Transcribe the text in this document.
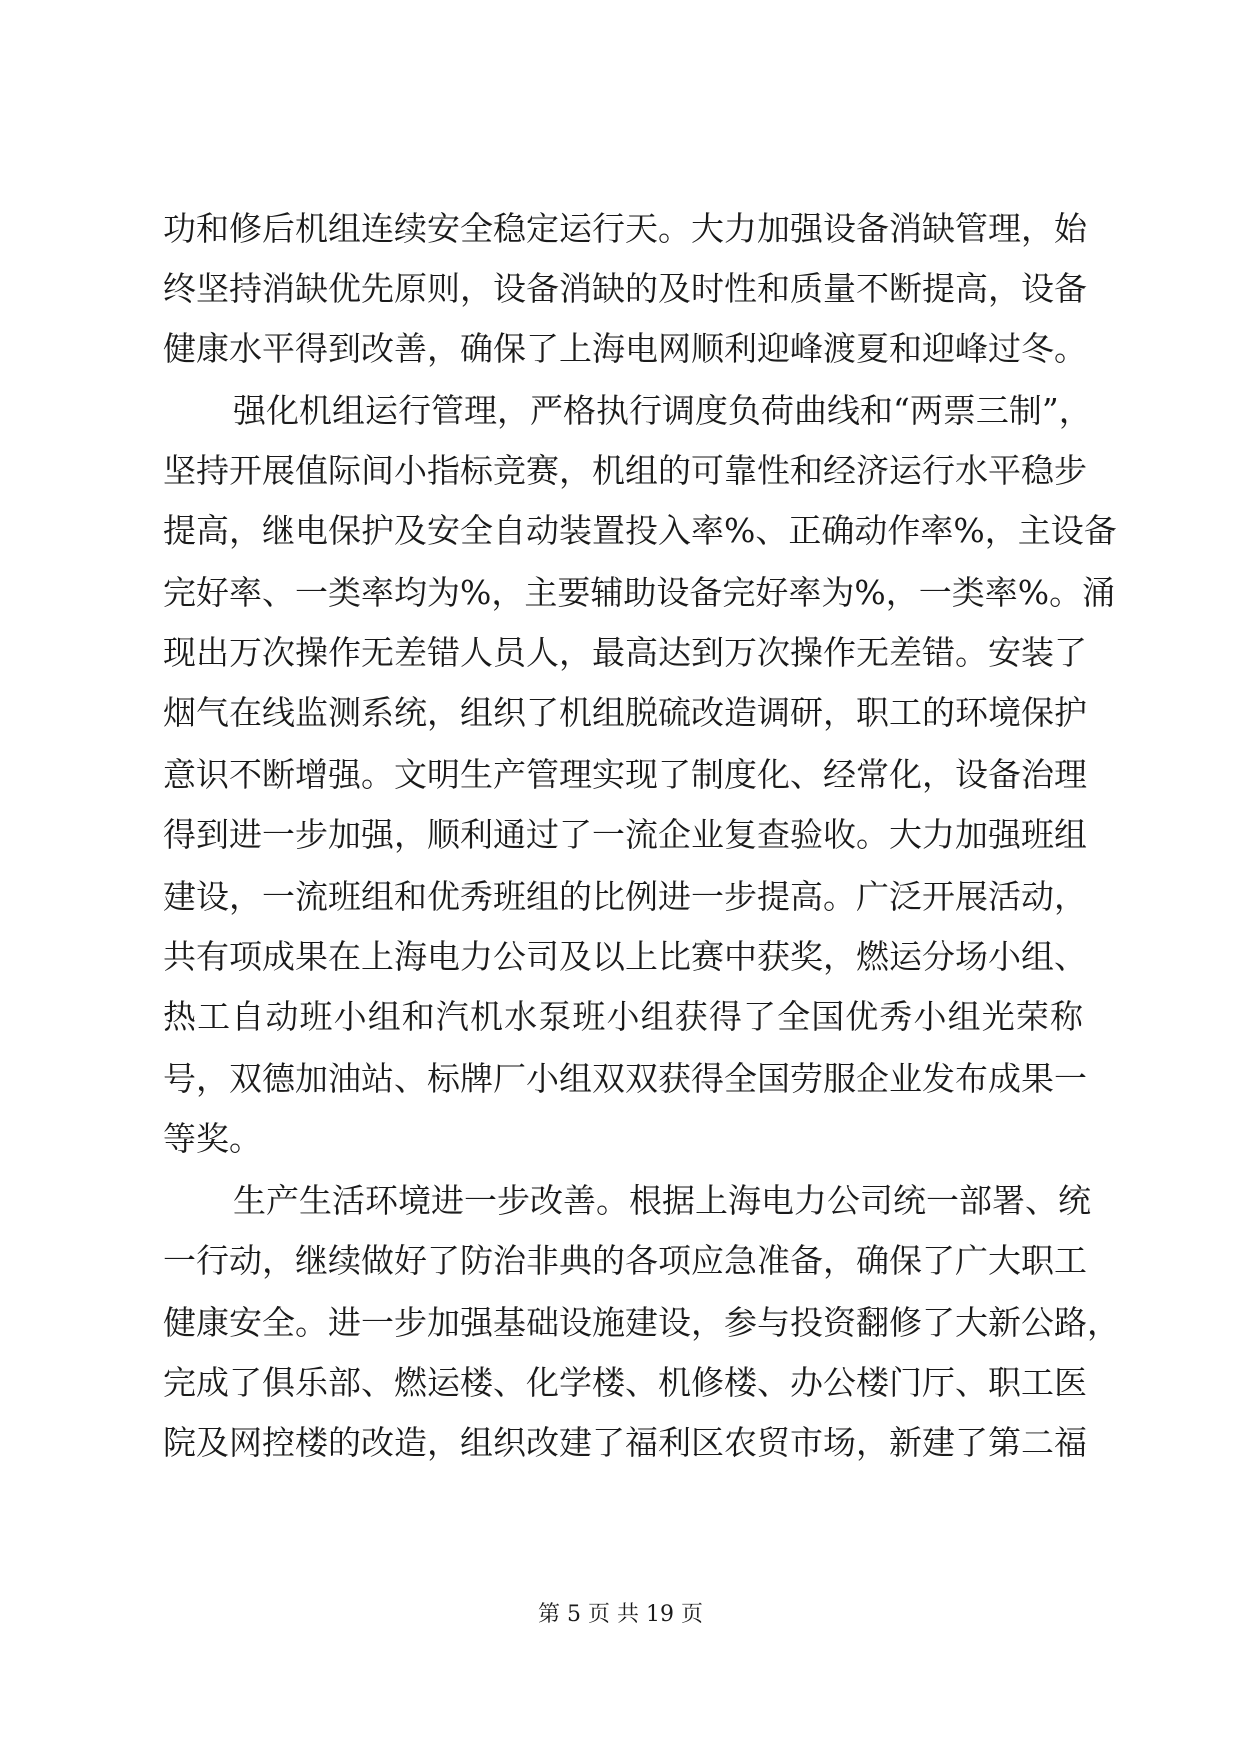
功和修后机组连续安全稳定运行天。大力加强设备消缺管理，始
终坚持消缺优先原则，设备消缺的及时性和质量不断提高，设备
健康水平得到改善，确保了上海电网顺利迎峰渡夏和迎峰过冬。
强化机组运行管理，严格执行调度负荷曲线和“两票三制”，
坚持开展值际间小指标竞赛，机组的可靠性和经济运行水平稳步
提高，继电保护及安全自动装置投入率%、正确动作率%，主设备
完好率、一类率均为%，主要辅助设备完好率为%，一类率%。涌
现出万次操作无差错人员人，最高达到万次操作无差错。安装了
烟气在线监测系统，组织了机组脱硫改造调研，职工的环境保护
意识不断增强。文明生产管理实现了制度化、经常化，设备治理
得到进一步加强，顺利通过了一流企业复查验收。大力加强班组
建设，一流班组和优秀班组的比例进一步提高。广泛开展活动，
共有项成果在上海电力公司及以上比赛中获奖，燃运分场小组、
热工自动班小组和汽机水泵班小组获得了全国优秀小组光荣称
号，双德加油站、标牌厂小组双双获得全国劳服企业发布成果一
等奖。
生产生活环境进一步改善。根据上海电力公司统一部署、统
一行动，继续做好了防治非典的各项应急准备，确保了广大职工
健康安全。进一步加强基础设施建设，参与投资翻修了大新公路，
完成了俱乐部、燃运楼、化学楼、机修楼、办公楼门厅、职工医
院及网控楼的改造，组织改建了福利区农贸市场，新建了第二福
第 5 页 共 19 页
